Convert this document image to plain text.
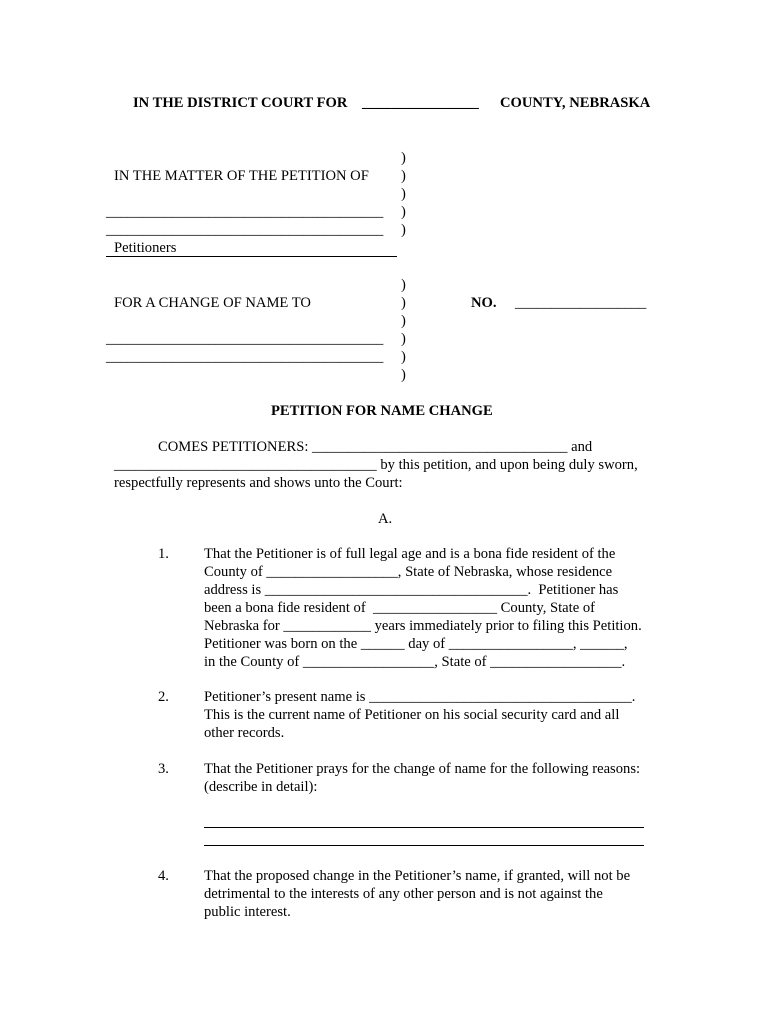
IN THE DISTRICT COURT FOR ________________ COUNTY, NEBRASKA
)
)
)
)
)
IN THE MATTER OF THE PETITION OF
______________________________________
______________________________________
Petitioners
)
)
)
)
)
)
FOR A CHANGE OF NAME TO
______________________________________
______________________________________
NO. __________________
PETITION FOR NAME CHANGE
COMES PETITIONERS: ___________________________________ and
____________________________________ by this petition, and upon being duly sworn,
respectfully represents and shows unto the Court:
A.
1. That the Petitioner is of full legal age and is a bona fide resident of the
County of __________________, State of Nebraska, whose residence
address is ____________________________________.  Petitioner has
been a bona fide resident of  _________________ County, State of
Nebraska for ____________ years immediately prior to filing this Petition.
Petitioner was born on the ______ day of _________________, ______,
in the County of __________________, State of __________________.
2. Petitioner’s present name is ____________________________________.
This is the current name of Petitioner on his social security card and all
other records.
3. That the Petitioner prays for the change of name for the following reasons:
(describe in detail):
4. That the proposed change in the Petitioner’s name, if granted, will not be
detrimental to the interests of any other person and is not against the
public interest.
